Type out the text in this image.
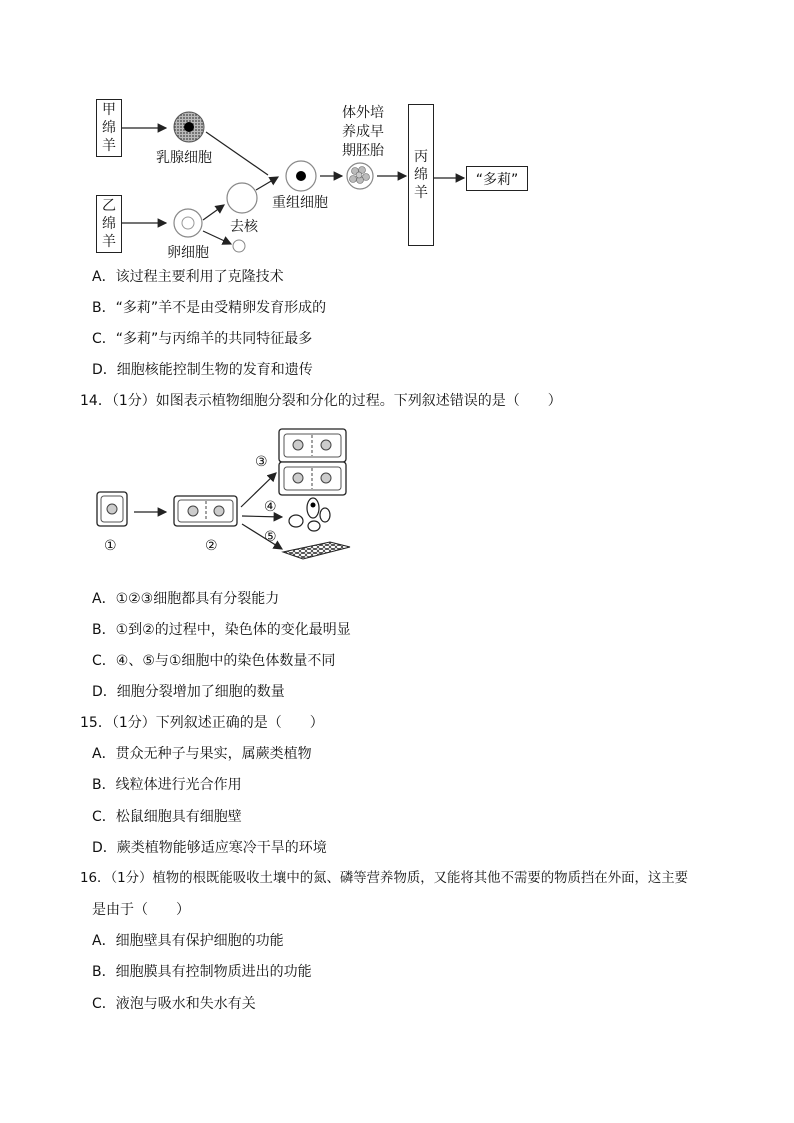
甲
绵
羊
乙
绵
羊
丙
绵
羊
“多莉”
乳腺细胞
卵细胞
去核
重组细胞
体外培
养成早
期胚胎
A．该过程主要利用了克隆技术
B．“多莉”羊不是由受精卵发育形成的
C．“多莉”与丙绵羊的共同特征最多
D．细胞核能控制生物的发育和遗传
14．（1分）如图表示植物细胞分裂和分化的过程。下列叙述错误的是（　　）
①	②
③
④
⑤
A．①②③细胞都具有分裂能力
B．①到②的过程中，染色体的变化最明显
C．④、⑤与①细胞中的染色体数量不同
D．细胞分裂增加了细胞的数量
15．（1分）下列叙述正确的是（　　）
A．贯众无种子与果实，属蕨类植物
B．线粒体进行光合作用
C．松鼠细胞具有细胞壁
D．蕨类植物能够适应寒冷干旱的环境
16．（1分）植物的根既能吸收土壤中的氮、磷等营养物质，又能将其他不需要的物质挡在外面，这主要
是由于（　　）
A．细胞壁具有保护细胞的功能
B．细胞膜具有控制物质进出的功能
C．液泡与吸水和失水有关
